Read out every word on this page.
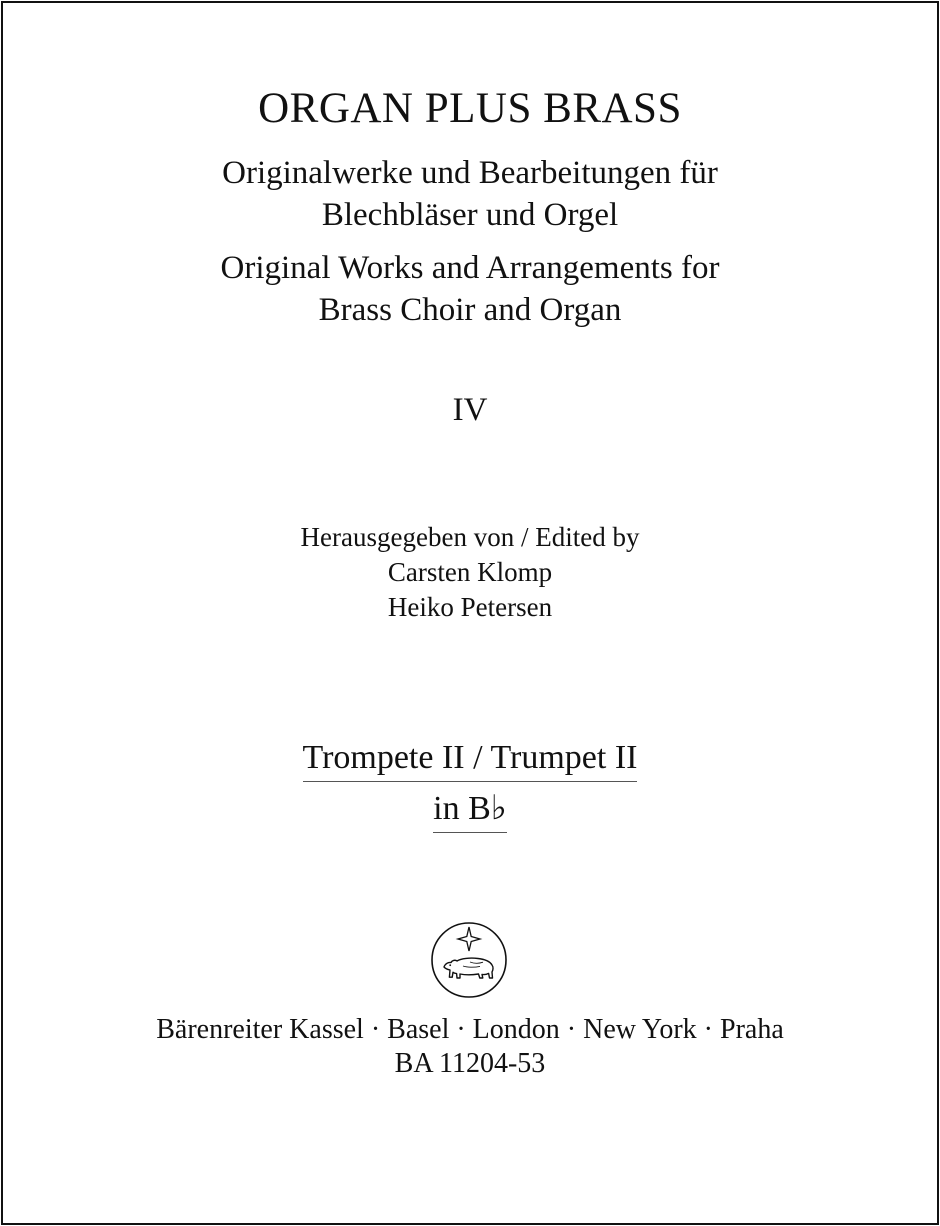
ORGAN PLUS BRASS
Originalwerke und Bearbeitungen für
Blechbläser und Orgel
Original Works and Arrangements for
Brass Choir and Organ
IV
Herausgegeben von / Edited by
Carsten Klomp
Heiko Petersen
Trompete II / Trumpet II
in B♭
Bärenreiter Kassel · Basel · London · New York · Praha
BA 11204-53
